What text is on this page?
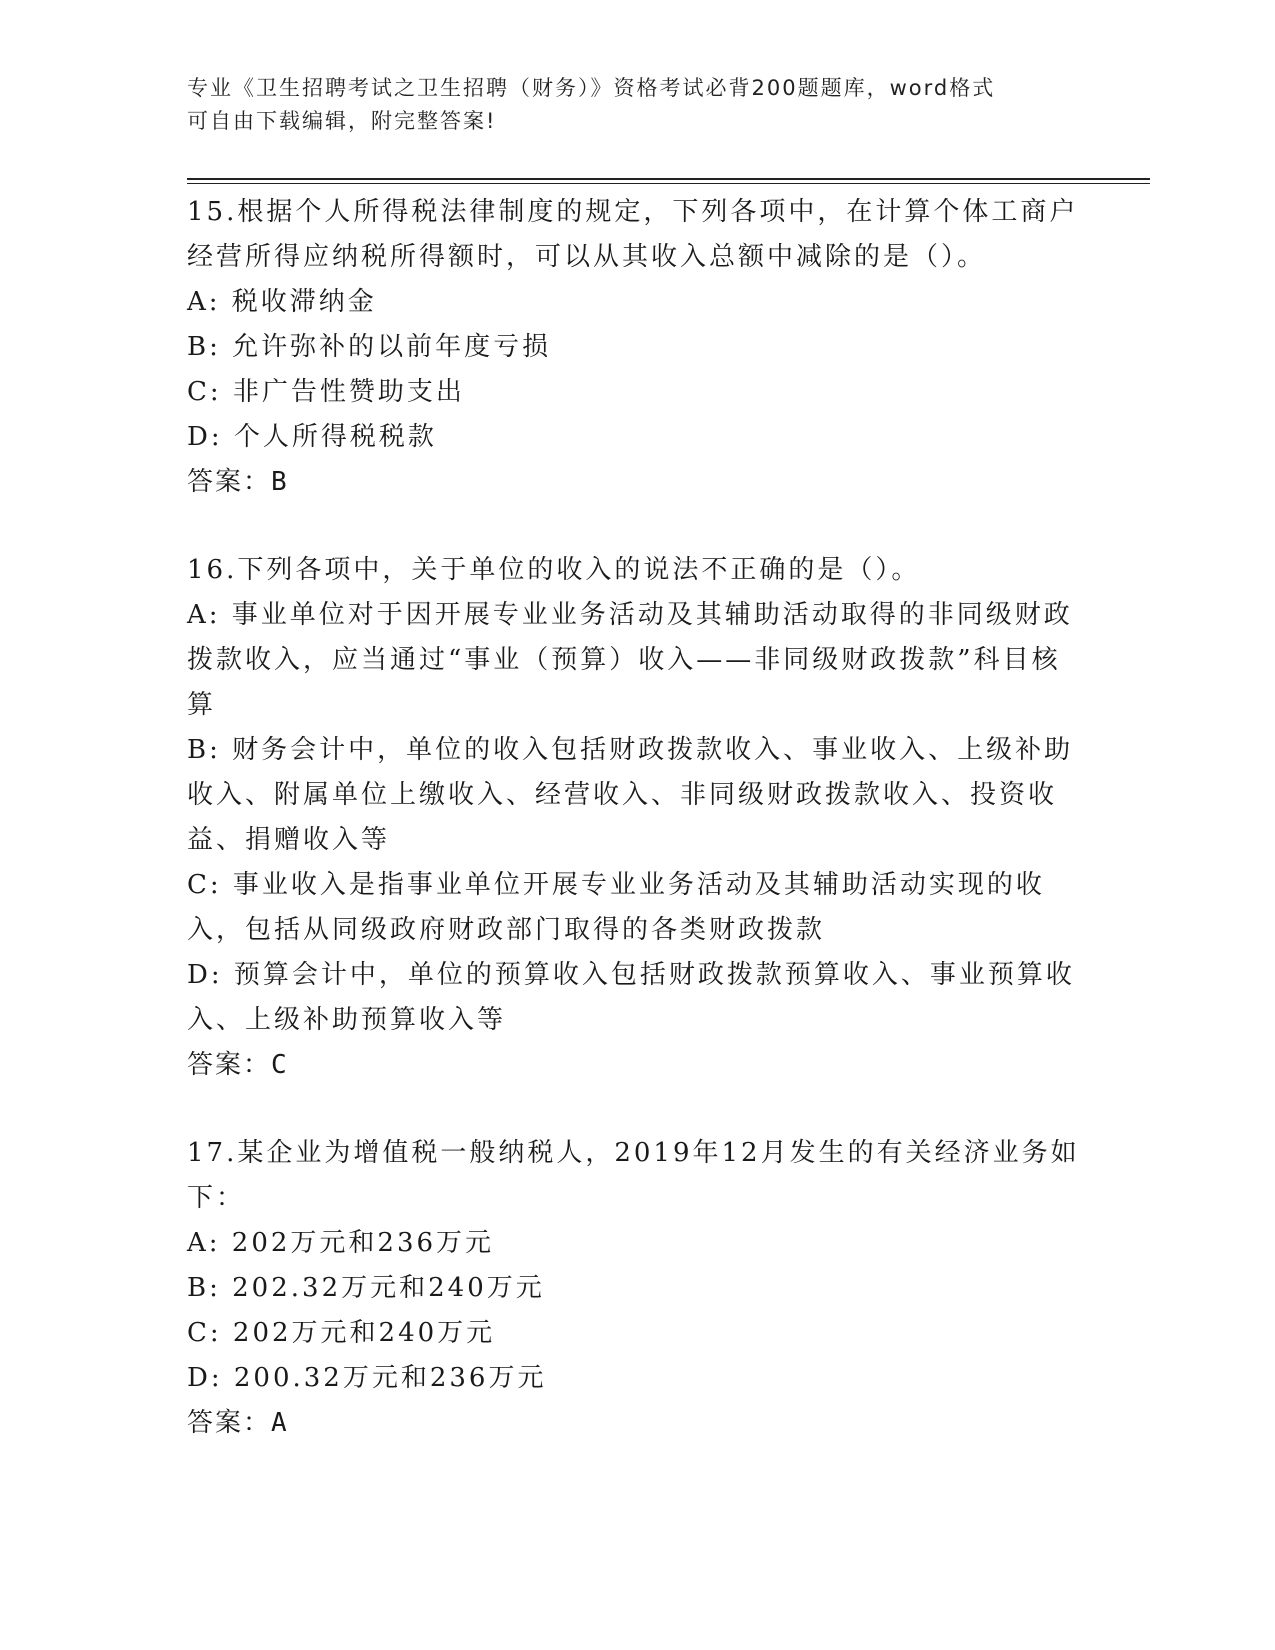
专业《卫生招聘考试之卫生招聘（财务）》资格考试必背200题题库，word格式
可自由下载编辑，附完整答案!

15.根据个人所得税法律制度的规定，下列各项中，在计算个体工商户经营所得应纳税所得额时，可以从其收入总额中减除的是（）。

A: 税收滞纳金

B: 允许弥补的以前年度亏损

C: 非广告性赞助支出

D: 个人所得税税款

答案：B

16.下列各项中，关于单位的收入的说法不正确的是（）。

A: 事业单位对于因开展专业业务活动及其辅助活动取得的非同级财政拨款收入，应当通过“事业（预算）收入——非同级财政拨款”科目核算

B: 财务会计中，单位的收入包括财政拨款收入、事业收入、上级补助收入、附属单位上缴收入、经营收入、非同级财政拨款收入、投资收益、捐赠收入等

C: 事业收入是指事业单位开展专业业务活动及其辅助活动实现的收入，包括从同级政府财政部门取得的各类财政拨款

D: 预算会计中，单位的预算收入包括财政拨款预算收入、事业预算收入、上级补助预算收入等

答案：C

17.某企业为增值税一般纳税人，2019年12月发生的有关经济业务如下：

A: 202万元和236万元

B: 202.32万元和240万元

C: 202万元和240万元

D: 200.32万元和236万元

答案：A
